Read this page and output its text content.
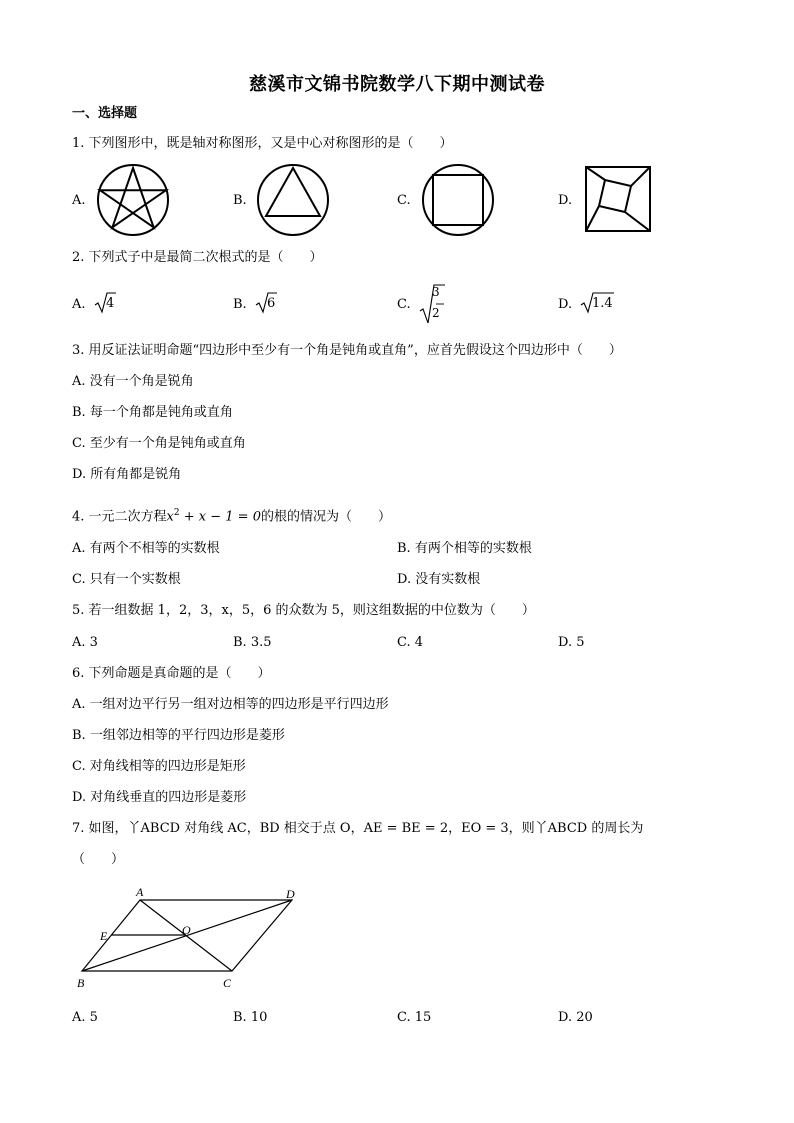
慈溪市文锦书院数学八下期中测试卷
一、选择题
1. 下列图形中，既是轴对称图形，又是中心对称图形的是（　　）
A.	B.	C.	D.
2. 下列式子中是最简二次根式的是（　　）
A. 4	B. 6	C.
3
2
D. 1.4
3. 用反证法证明命题“四边形中至少有一个角是钝角或直角”，应首先假设这个四边形中（　　）
A. 没有一个角是锐角
B. 每一个角都是钝角或直角
C. 至少有一个角是钝角或直角
D. 所有角都是锐角
4. 一元二次方程$x^2 + x - 1 = 0$的根的情况为（　　）
A. 有两个不相等的实数根	B. 有两个相等的实数根
C. 只有一个实数根	D. 没有实数根
5. 若一组数据 1，2，3，x，5，6 的众数为 5，则这组数据的中位数为（　　）
A. 3	B. 3.5	C. 4	D. 5
6. 下列命题是真命题的是（　　）
A. 一组对边平行另一组对边相等的四边形是平行四边形
B. 一组邻边相等的平行四边形是菱形
C. 对角线相等的四边形是矩形
D. 对角线垂直的四边形是菱形
7. 如图，丫ABCD 对角线 AC，BD 相交于点 O，AE = BE = 2，EO = 3，则丫ABCD 的周长为
（　　）
A	D
E	O
B	C
A. 5	B. 10	C. 15	D. 20
